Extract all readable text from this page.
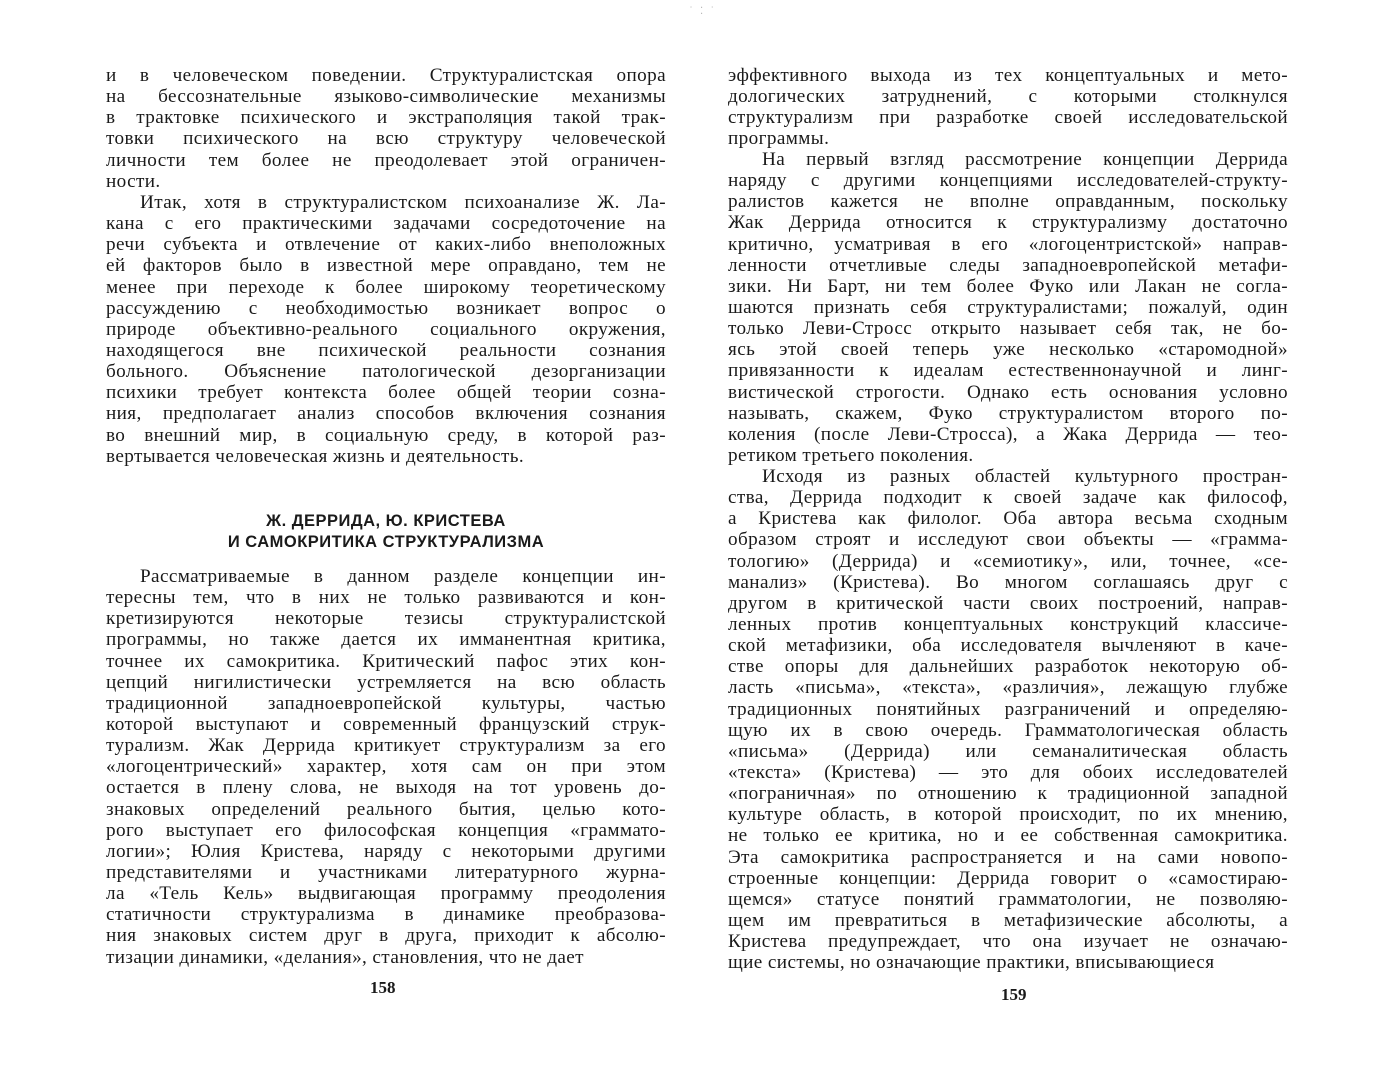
и в человеческом поведении. Структуралистская опора
на бессознательные языково-символические механизмы
в трактовке психического и экстраполяция такой трак-
товки психического на всю структуру человеческой
личности тем более не преодолевает этой ограничен-
ности.
Итак, хотя в структуралистском психоанализе Ж. Ла-
кана с его практическими задачами сосредоточение на
речи субъекта и отвлечение от каких-либо внеположных
ей факторов было в известной мере оправдано, тем не
менее при переходе к более широкому теоретическому
рассуждению с необходимостью возникает вопрос о
природе объективно-реального социального окружения,
находящегося вне психической реальности сознания
больного. Объяснение патологической дезорганизации
психики требует контекста более общей теории созна-
ния, предполагает анализ способов включения сознания
во внешний мир, в социальную среду, в которой раз-
вертывается человеческая жизнь и деятельность.
Ж. ДЕРРИДА, Ю. КРИСТЕВА
И САМОКРИТИКА СТРУКТУРАЛИЗМА
Рассматриваемые в данном разделе концепции ин-
тересны тем, что в них не только развиваются и кон-
кретизируются некоторые тезисы структуралистской
программы, но также дается их имманентная критика,
точнее их самокритика. Критический пафос этих кон-
цепций нигилистически устремляется на всю область
традиционной западноевропейской культуры, частью
которой выступают и современный французский струк-
турализм. Жак Деррида критикует структурализм за его
«логоцентрический» характер, хотя сам он при этом
остается в плену слова, не выходя на тот уровень до-
знаковых определений реального бытия, целью кото-
рого выступает его философская концепция «граммато-
логии»; Юлия Кристева, наряду с некоторыми другими
представителями и участниками литературного журна-
ла «Тель Кель» выдвигающая программу преодоления
статичности структурализма в динамике преобразова-
ния знаковых систем друг в друга, приходит к абсолю-
тизации динамики, «делания», становления, что не дает
158
˙ ⁚ ˙
эффективного выхода из тех концептуальных и мето-
дологических затруднений, с которыми столкнулся
структурализм при разработке своей исследовательской
программы.
На первый взгляд рассмотрение концепции Деррида
наряду с другими концепциями исследователей-структу-
ралистов кажется не вполне оправданным, поскольку
Жак Деррида относится к структурализму достаточно
критично, усматривая в его «логоцентристской» направ-
ленности отчетливые следы западноевропейской метафи-
зики. Ни Барт, ни тем более Фуко или Лакан не согла-
шаются признать себя структуралистами; пожалуй, один
только Леви-Стросс открыто называет себя так, не бо-
ясь этой своей теперь уже несколько «старомодной»
привязанности к идеалам естественнонаучной и линг-
вистической строгости. Однако есть основания условно
называть, скажем, Фуко структуралистом второго по-
коления (после Леви-Стросса), а Жака Деррида — тео-
ретиком третьего поколения.
Исходя из разных областей культурного простран-
ства, Деррида подходит к своей задаче как философ,
а Кристева как филолог. Оба автора весьма сходным
образом строят и исследуют свои объекты — «граммa-
тологию» (Деррида) и «семиотику», или, точнее, «се-
манализ» (Кристева). Во многом соглашаясь друг с
другом в критической части своих построений, направ-
ленных против концептуальных конструкций классиче-
ской метафизики, оба исследователя вычленяют в каче-
стве опоры для дальнейших разработок некоторую об-
ласть «письма», «текста», «различия», лежащую глубже
традиционных понятийных разграничений и определяю-
щую их в свою очередь. Грамматологическая область
«письма» (Деррида) или семаналитическая область
«текста» (Кристева) — это для обоих исследователей
«пограничная» по отношению к традиционной западной
культуре область, в которой происходит, по их мнению,
не только ее критика, но и ее собственная самокритика.
Эта самокритика распространяется и на сами новопо-
строенные концепции: Деррида говорит о «самостираю-
щемся» статусе понятий грамматологии, не позволяю-
щем им превратиться в метафизические абсолюты, а
Кристева предупреждает, что она изучает не означаю-
щие системы, но означающие практики, вписывающиеся
159
